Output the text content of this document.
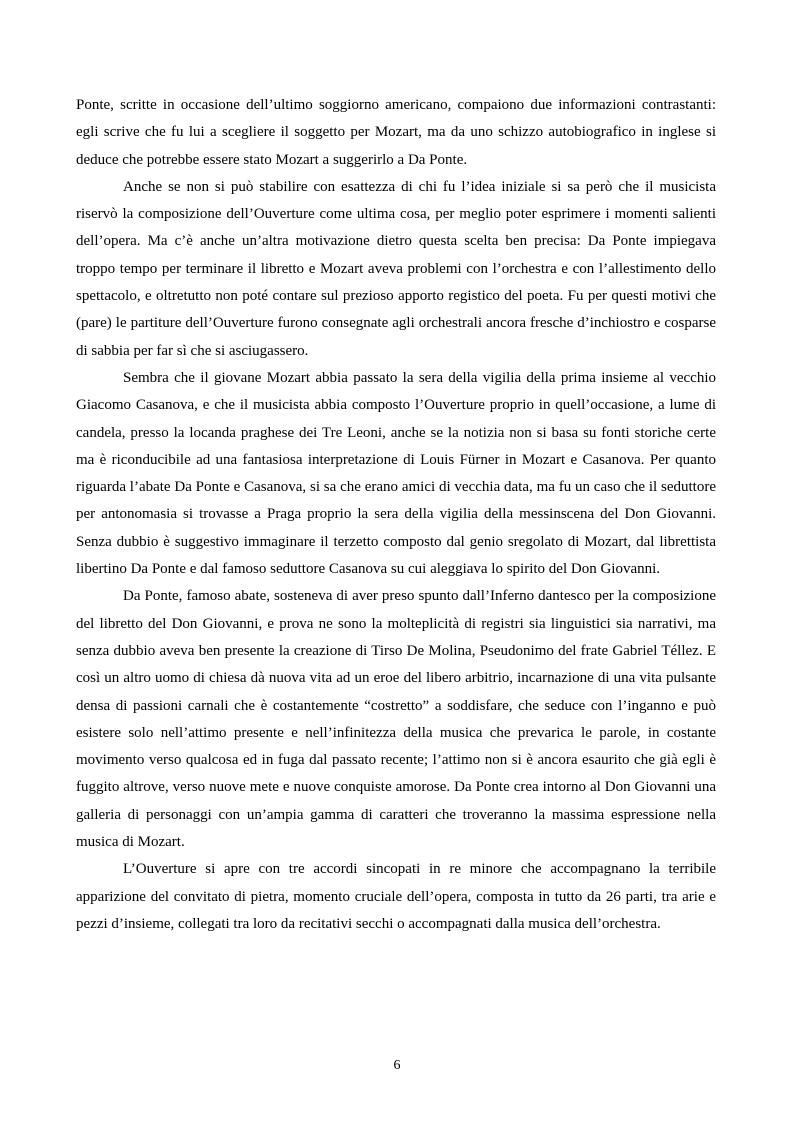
Ponte, scritte in occasione dell’ultimo soggiorno americano, compaiono due informazioni contrastanti: egli scrive che fu lui a scegliere il soggetto per Mozart, ma da uno schizzo autobiografico in inglese si deduce che potrebbe essere stato Mozart a suggerirlo a Da Ponte.

Anche se non si può stabilire con esattezza di chi fu l’idea iniziale si sa però che il musicista riservò la composizione dell’Ouverture come ultima cosa, per meglio poter esprimere i momenti salienti dell’opera. Ma c’è anche un’altra motivazione dietro questa scelta ben precisa: Da Ponte impiegava troppo tempo per terminare il libretto e Mozart aveva problemi con l’orchestra e con l’allestimento dello spettacolo, e oltretutto non poté contare sul prezioso apporto registico del poeta. Fu per questi motivi che (pare) le partiture dell’Ouverture furono consegnate agli orchestrali ancora fresche d’inchiostro e cosparse di sabbia per far sì che si asciugassero.

Sembra che il giovane Mozart abbia passato la sera della vigilia della prima insieme al vecchio Giacomo Casanova, e che il musicista abbia composto l’Ouverture proprio in quell’occasione, a lume di candela, presso la locanda praghese dei Tre Leoni, anche se la notizia non si basa su fonti storiche certe ma è riconducibile ad una fantasiosa interpretazione di Louis Fürner in Mozart e Casanova. Per quanto riguarda l’abate Da Ponte e Casanova, si sa che erano amici di vecchia data, ma fu un caso che il seduttore per antonomasia si trovasse a Praga proprio la sera della vigilia della messinscena del Don Giovanni. Senza dubbio è suggestivo immaginare il terzetto composto dal genio sregolato di Mozart, dal librettista libertino Da Ponte e dal famoso seduttore Casanova su cui aleggiava lo spirito del Don Giovanni.

Da Ponte, famoso abate, sosteneva di aver preso spunto dall’Inferno dantesco per la composizione del libretto del Don Giovanni, e prova ne sono la molteplicità di registri sia linguistici sia narrativi, ma senza dubbio aveva ben presente la creazione di Tirso De Molina, Pseudonimo del frate Gabriel Téllez. E così un altro uomo di chiesa dà nuova vita ad un eroe del libero arbitrio, incarnazione di una vita pulsante densa di passioni carnali che è costantemente “costretto” a soddisfare, che seduce con l’inganno e può esistere solo nell’attimo presente e nell’infinitezza della musica che prevarica le parole, in costante movimento verso qualcosa ed in fuga dal passato recente; l’attimo non si è ancora esaurito che già egli è fuggito altrove, verso nuove mete e nuove conquiste amorose. Da Ponte crea intorno al Don Giovanni una galleria di personaggi con un’ampia gamma di caratteri che troveranno la massima espressione nella musica di Mozart.

L’Ouverture si apre con tre accordi sincopati in re minore che accompagnano la terribile apparizione del convitato di pietra, momento cruciale dell’opera, composta in tutto da 26 parti, tra arie e pezzi d’insieme, collegati tra loro da recitativi secchi o accompagnati dalla musica dell’orchestra.

6
